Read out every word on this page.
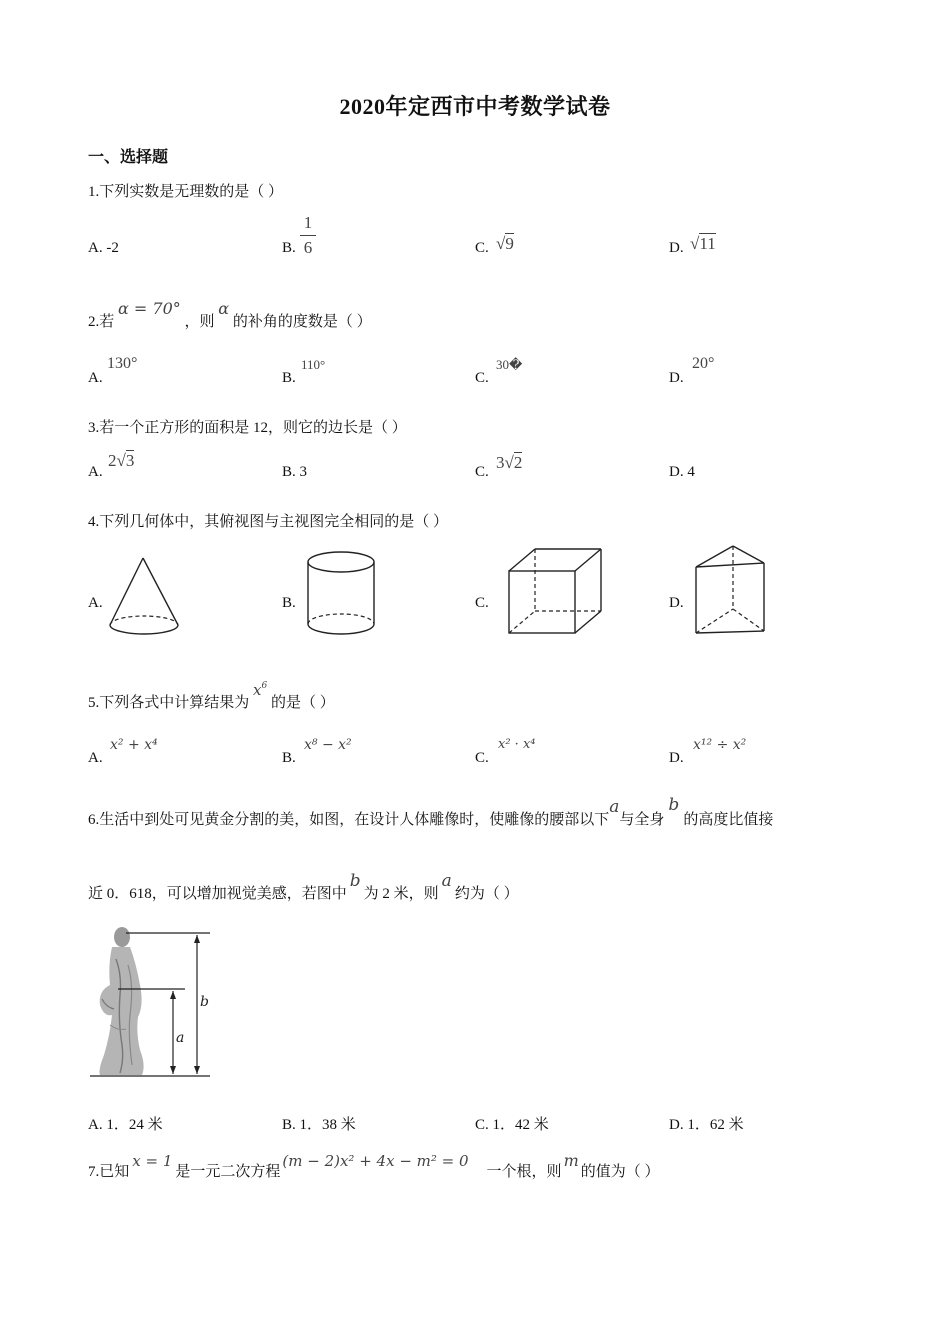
2020年定西市中考数学试卷
一、选择题
1.下列实数是无理数的是（ ）
A. -2	B.
1
6	C. √9	D. √11
2.若 α = 70° ，则 α 的补角的度数是（ ）
A.
130°
B.
110°
C.
30�
D.
20°
3.若一个正方形的面积是 12，则它的边长是（ ）
A.
2√3
B. 3	C. 3√2	D. 4
4.下列几何体中，其俯视图与主视图完全相同的是（ ）
A.	B.	C.	D.
5.下列各式中计算结果为 $x^6$ 的是（ ）
A.
x² + x⁴
B.
x⁸ − x²
C.
x² · x⁴
D.
x¹² ÷ x²
6.生活中到处可见黄金分割的美，如图，在设计人体雕像时，使雕像的腰部以下a与全身b的高度比值接
近 0．618，可以增加视觉美感，若图中b为 2 米，则a约为（ ）
b
a
A. 1．24 米	B. 1．38 米	C. 1．42 米	D. 1．62 米
7.已知x = 1是一元二次方程(m − 2)x² + 4x − m² = 0一个根，则m的值为（ ）
